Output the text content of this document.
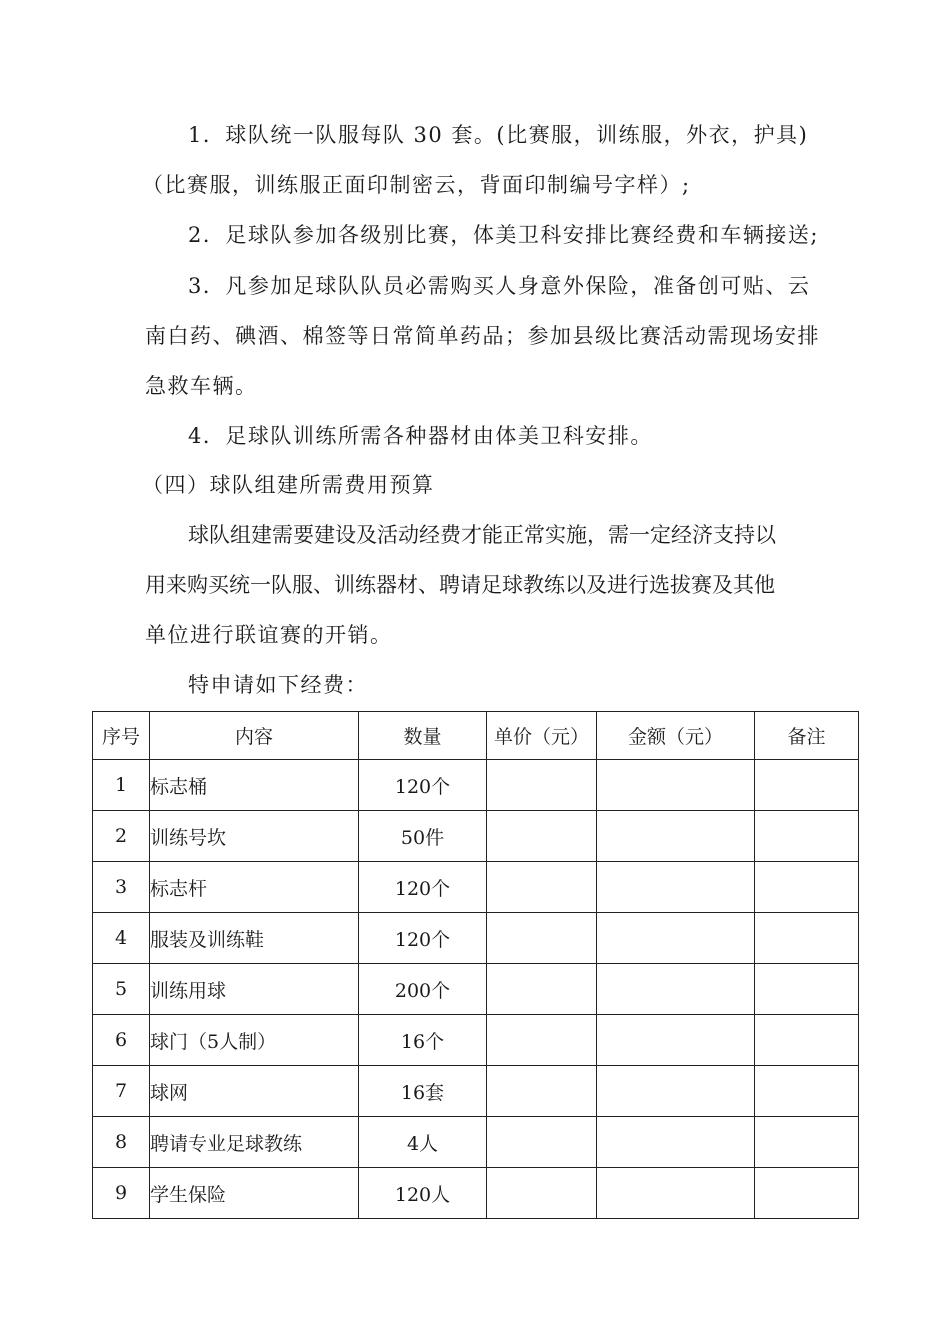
1．球队统一队服每队 30 套。(比赛服，训练服，外衣，护具)
（比赛服，训练服正面印制密云，背面印制编号字样）;
2．足球队参加各级别比赛，体美卫科安排比赛经费和车辆接送;
3．凡参加足球队队员必需购买人身意外保险，准备创可贴、云
南白药、碘酒、棉签等日常简单药品；参加县级比赛活动需现场安排
急救车辆。
4．足球队训练所需各种器材由体美卫科安排。
（四）球队组建所需费用预算
球队组建需要建设及活动经费才能正常实施，需一定经济支持以
用来购买统一队服、训练器材、聘请足球教练以及进行选拔赛及其他
单位进行联谊赛的开销。
特申请如下经费：
序号	内容	数量	单价（元）	金额（元）	备注
1	标志桶	120个			
2	训练号坎	50件			
3	标志杆	120个			
4	服装及训练鞋	120个			
5	训练用球	200个			
6	球门（5人制）	16个			
7	球网	16套			
8	聘请专业足球教练	4人			
9	学生保险	120人			
